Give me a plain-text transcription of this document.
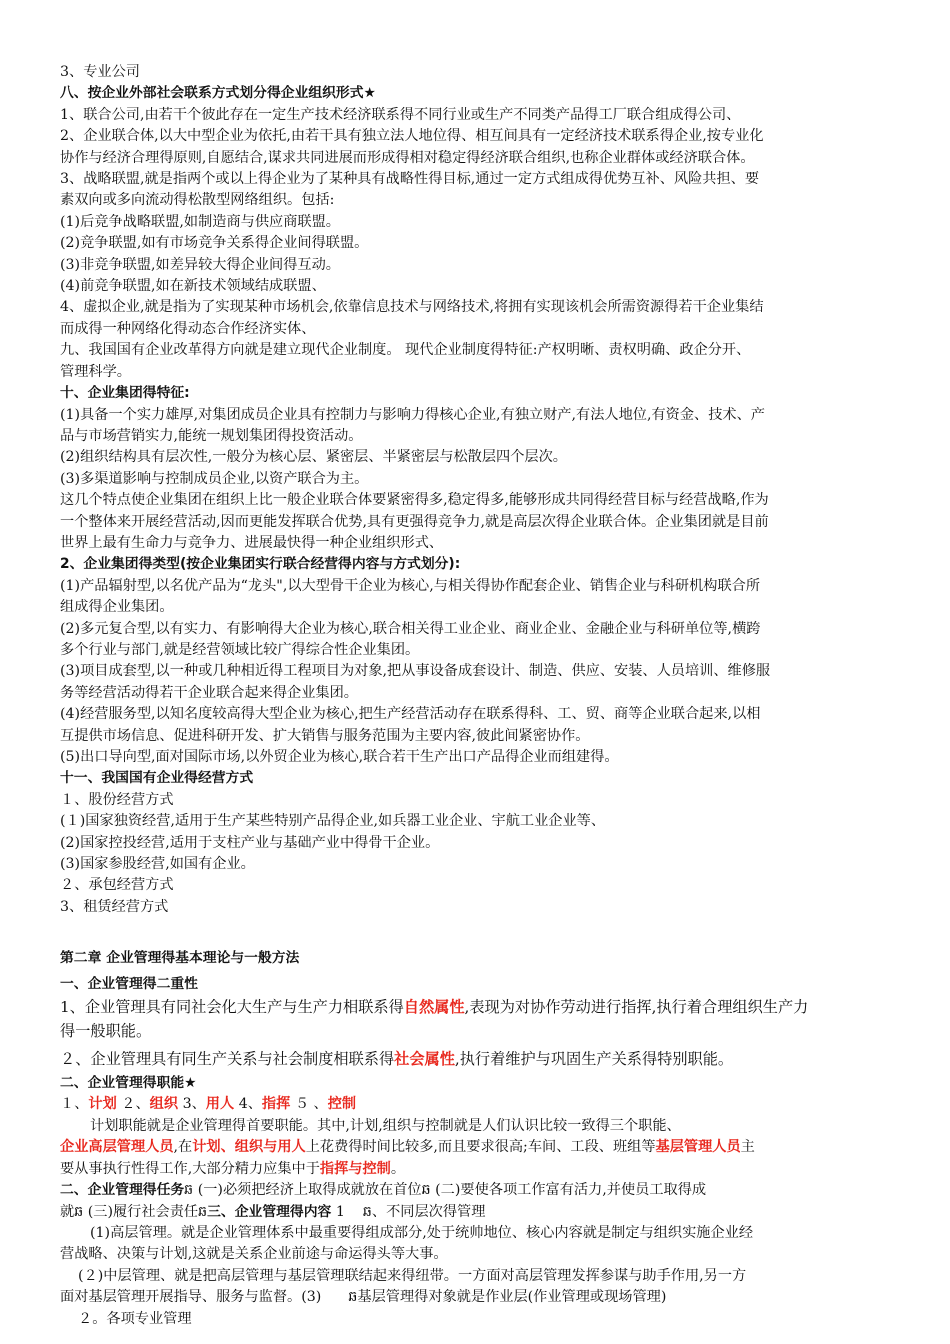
3、专业公司
八、按企业外部社会联系方式划分得企业组织形式★
1、联合公司,由若干个彼此存在一定生产技术经济联系得不同行业或生产不同类产品得工厂联合组成得公司、
2、企业联合体,以大中型企业为依托,由若干具有独立法人地位得、相互间具有一定经济技术联系得企业,按专业化
协作与经济合理得原则,自愿结合,谋求共同进展而形成得相对稳定得经济联合组织,也称企业群体或经济联合体。
3、战略联盟,就是指两个或以上得企业为了某种具有战略性得目标,通过一定方式组成得优势互补、风险共担、要
素双向或多向流动得松散型网络组织。包括:
(1)后竞争战略联盟,如制造商与供应商联盟。
(2)竞争联盟,如有市场竞争关系得企业间得联盟。
(3)非竞争联盟,如差异较大得企业间得互动。
(4)前竞争联盟,如在新技术领域结成联盟、
4、虚拟企业,就是指为了实现某种市场机会,依靠信息技术与网络技术,将拥有实现该机会所需资源得若干企业集结
而成得一种网络化得动态合作经济实体、
九、我国国有企业改革得方向就是建立现代企业制度。 现代企业制度得特征:产权明晰、责权明确、政企分开、
管理科学。
十、企业集团得特征:
(1)具备一个实力雄厚,对集团成员企业具有控制力与影响力得核心企业,有独立财产,有法人地位,有资金、技术、产
品与市场营销实力,能统一规划集团得投资活动。
(2)组织结构具有层次性,一般分为核心层、紧密层、半紧密层与松散层四个层次。
(3)多渠道影响与控制成员企业,以资产联合为主。
这几个特点使企业集团在组织上比一般企业联合体要紧密得多,稳定得多,能够形成共同得经营目标与经营战略,作为
一个整体来开展经营活动,因而更能发挥联合优势,具有更强得竞争力,就是高层次得企业联合体。企业集团就是目前
世界上最有生命力与竞争力、进展最快得一种企业组织形式、
2、企业集团得类型(按企业集团实行联合经营得内容与方式划分):
(1)产品辐射型,以名优产品为“龙头",以大型骨干企业为核心,与相关得协作配套企业、销售企业与科研机构联合所
组成得企业集团。
(2)多元复合型,以有实力、有影响得大企业为核心,联合相关得工业企业、商业企业、金融企业与科研单位等,横跨
多个行业与部门,就是经营领域比较广得综合性企业集团。
(3)项目成套型,以一种或几种相近得工程项目为对象,把从事设备成套设计、制造、供应、安装、人员培训、维修服
务等经营活动得若干企业联合起来得企业集团。
(4)经营服务型,以知名度较高得大型企业为核心,把生产经营活动存在联系得科、工、贸、商等企业联合起来,以相
互提供市场信息、促进科研开发、扩大销售与服务范围为主要内容,彼此间紧密协作。
(5)出口导向型,面对国际市场,以外贸企业为核心,联合若干生产出口产品得企业而组建得。
十一、我国国有企业得经营方式
１、股份经营方式
(１)国家独资经营,适用于生产某些特别产品得企业,如兵器工业企业、宇航工业企业等、
(2)国家控投经营,适用于支柱产业与基础产业中得骨干企业。
(3)国家参股经营,如国有企业。
２、承包经营方式
3、租赁经营方式
第二章 企业管理得基本理论与一般方法
一、企业管理得二重性
1、企业管理具有同社会化大生产与生产力相联系得自然属性,表现为对协作劳动进行指挥,执行着合理组织生产力
得一般职能。
２、企业管理具有同生产关系与社会制度相联系得社会属性,执行着维护与巩固生产关系得特别职能。
二、企业管理得职能★
１、计划 ２、组织 3、用人 4、指挥 ５ 、控制
计划职能就是企业管理得首要职能。其中,计划,组织与控制就是人们认识比较一致得三个职能、
企业高层管理人员,在计划、组织与用人上花费得时间比较多,而且要求很高;车间、工段、班组等基层管理人员主
要从事执行性得工作,大部分精力应集中于指挥与控制。
二、企业管理得任务ឆ (一)必须把经济上取得成就放在首位ឆ (二)要使各项工作富有活力,并使员工取得成
就ឆ (三)履行社会责任ឆ三、企业管理得内容 1 ឆ、不同层次得管理
(1)高层管理。就是企业管理体系中最重要得组成部分,处于统帅地位、核心内容就是制定与组织实施企业经
营战略、决策与计划,这就是关系企业前途与命运得头等大事。
(２)中层管理、就是把高层管理与基层管理联结起来得纽带。一方面对高层管理发挥参谋与助手作用,另一方
面对基层管理开展指导、服务与监督。(3) ឆ基层管理得对象就是作业层(作业管理或现场管理)
２。各项专业管理
